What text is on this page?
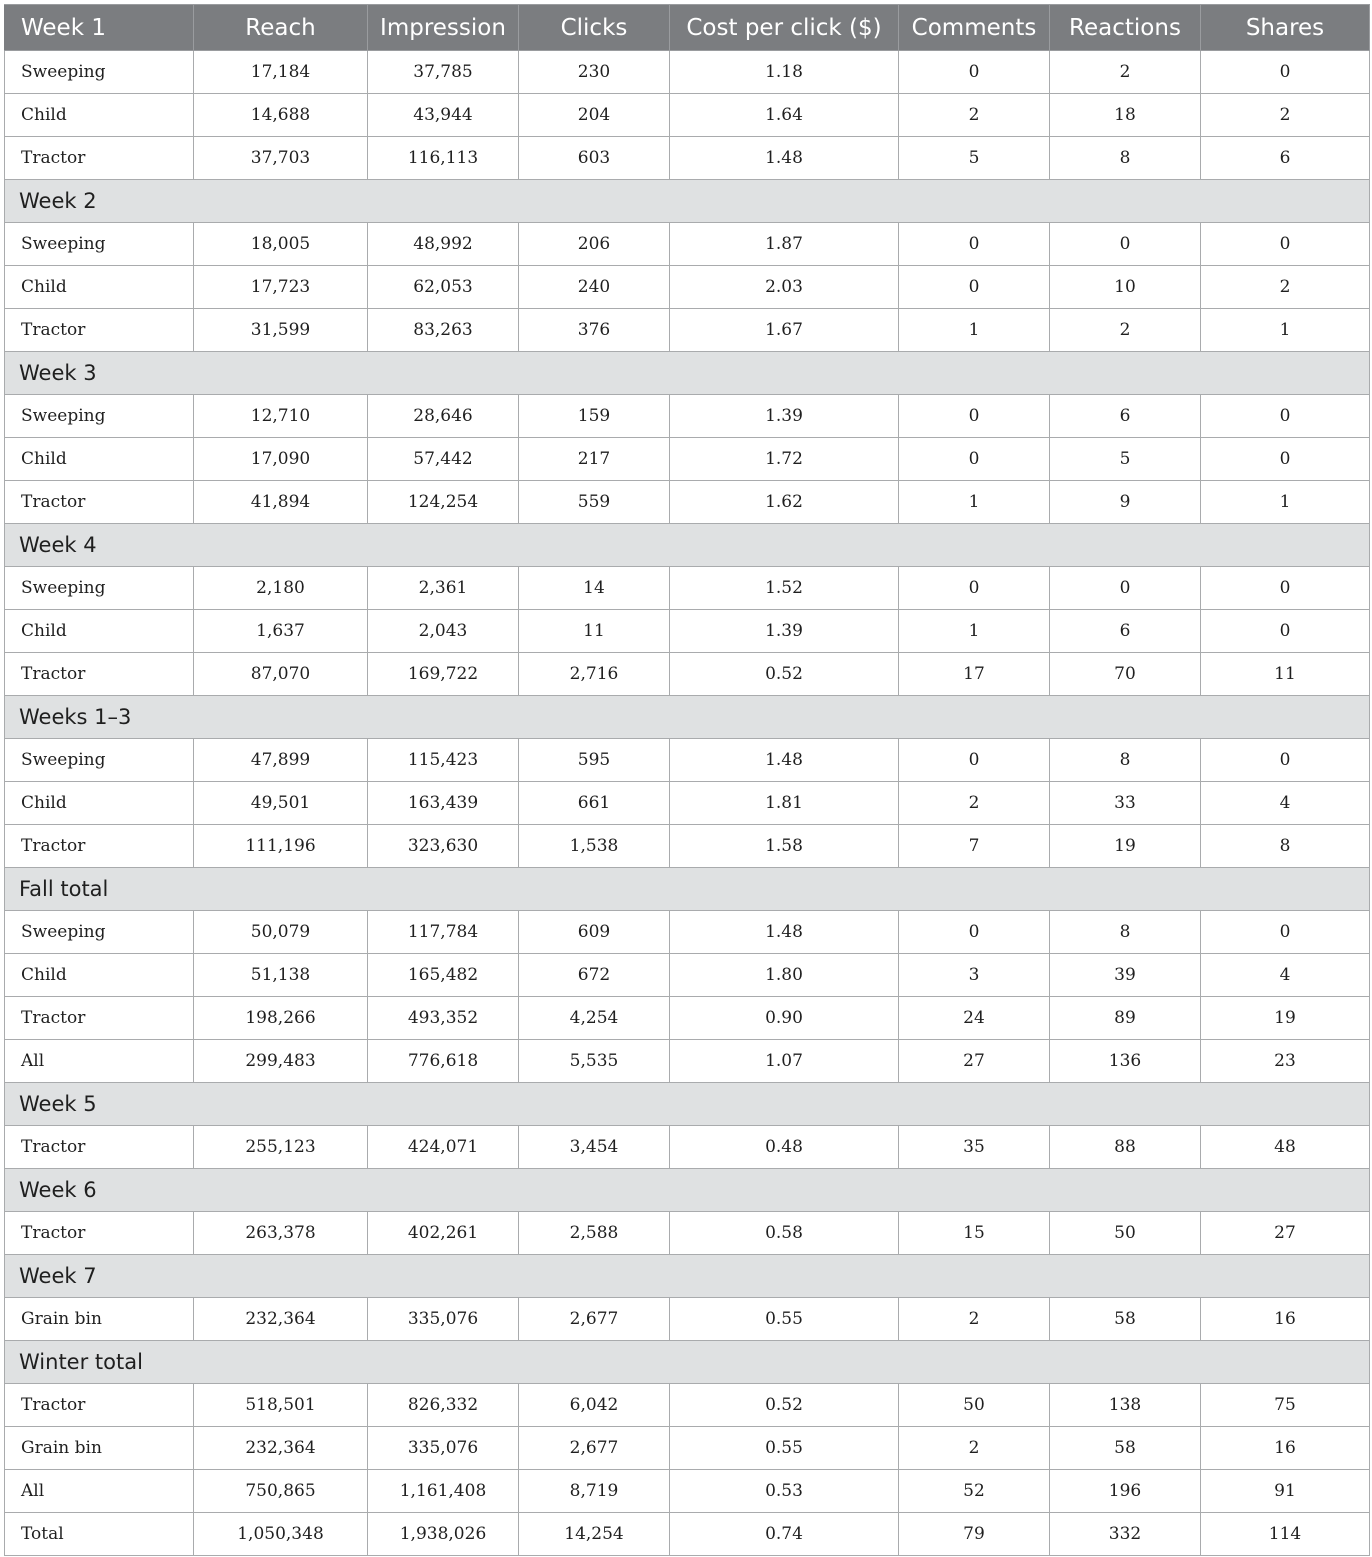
Week 1	Reach	Impression	Clicks	Cost per click ($)	Comments	Reactions	Shares
Sweeping	17,184	37,785	230	1.18	0	2	0
Child	14,688	43,944	204	1.64	2	18	2
Tractor	37,703	116,113	603	1.48	5	8	6
Week 2							
Sweeping	18,005	48,992	206	1.87	0	0	0
Child	17,723	62,053	240	2.03	0	10	2
Tractor	31,599	83,263	376	1.67	1	2	1
Week 3							
Sweeping	12,710	28,646	159	1.39	0	6	0
Child	17,090	57,442	217	1.72	0	5	0
Tractor	41,894	124,254	559	1.62	1	9	1
Week 4							
Sweeping	2,180	2,361	14	1.52	0	0	0
Child	1,637	2,043	11	1.39	1	6	0
Tractor	87,070	169,722	2,716	0.52	17	70	11
Weeks 1–3							
Sweeping	47,899	115,423	595	1.48	0	8	0
Child	49,501	163,439	661	1.81	2	33	4
Tractor	111,196	323,630	1,538	1.58	7	19	8
Fall total							
Sweeping	50,079	117,784	609	1.48	0	8	0
Child	51,138	165,482	672	1.80	3	39	4
Tractor	198,266	493,352	4,254	0.90	24	89	19
All	299,483	776,618	5,535	1.07	27	136	23
Week 5							
Tractor	255,123	424,071	3,454	0.48	35	88	48
Week 6							
Tractor	263,378	402,261	2,588	0.58	15	50	27
Week 7							
Grain bin	232,364	335,076	2,677	0.55	2	58	16
Winter total							
Tractor	518,501	826,332	6,042	0.52	50	138	75
Grain bin	232,364	335,076	2,677	0.55	2	58	16
All	750,865	1,161,408	8,719	0.53	52	196	91
Total	1,050,348	1,938,026	14,254	0.74	79	332	114
